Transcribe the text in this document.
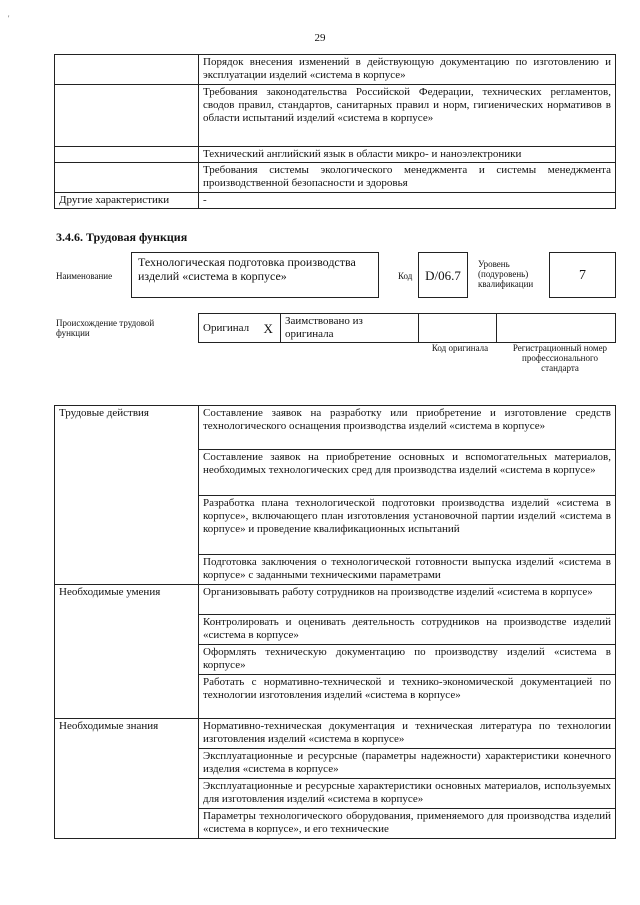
'
29
	Порядок внесения изменений в действующую документацию по изготовлению и эксплуатации изделий «система в корпусе»
	Требования законодательства Российской Федерации, технических регламентов, сводов правил, стандартов, санитарных правил и норм, гигиенических нормативов в области испытаний изделий «система в корпусе»
	Технический английский язык в области микро- и наноэлектроники
	Требования системы экологического менеджмента и системы менеджмента производственной безопасности и здоровья
Другие характеристики	-
3.4.6. Трудовая функция
Наименование
Технологическая подготовка производства изделий «система в корпусе»	Код D/06.7
Уровень (подуровень) квалификации
7
Происхождение трудовой функции	Оригинал	X	Заимствовано из оригинала		
Код оригинала	Регистрационный номер профессионального стандарта
Трудовые действия	Составление заявок на разработку или приобретение и изготовление средств технологического оснащения производства изделий «система в корпусе»
	Составление заявок на приобретение основных и вспомогательных материалов, необходимых технологических сред для производства изделий «система в корпусе»
	Разработка плана технологической подготовки производства изделий «система в корпусе», включающего план изготовления установочной партии изделий «система в корпусе» и проведение квалификационных испытаний
	Подготовка заключения о технологической готовности выпуска изделий «система в корпусе» с заданными техническими параметрами
Необходимые умения	Организовывать работу сотрудников на производстве изделий «система в корпусе»
	Контролировать и оценивать деятельность сотрудников на производстве изделий «система в корпусе»
	Оформлять техническую документацию по производству изделий «система в корпусе»
	Работать с нормативно-технической и технико-экономической документацией по технологии изготовления изделий «система в корпусе»
Необходимые знания	Нормативно-техническая документация и техническая литература по технологии изготовления изделий «система в корпусе»
	Эксплуатационные и ресурсные (параметры надежности) характеристики конечного изделия «система в корпусе»
	Эксплуатационные и ресурсные характеристики основных материалов, используемых для изготовления изделий «система в корпусе»
	Параметры технологического оборудования, применяемого для производства изделий «система в корпусе», и его технические
